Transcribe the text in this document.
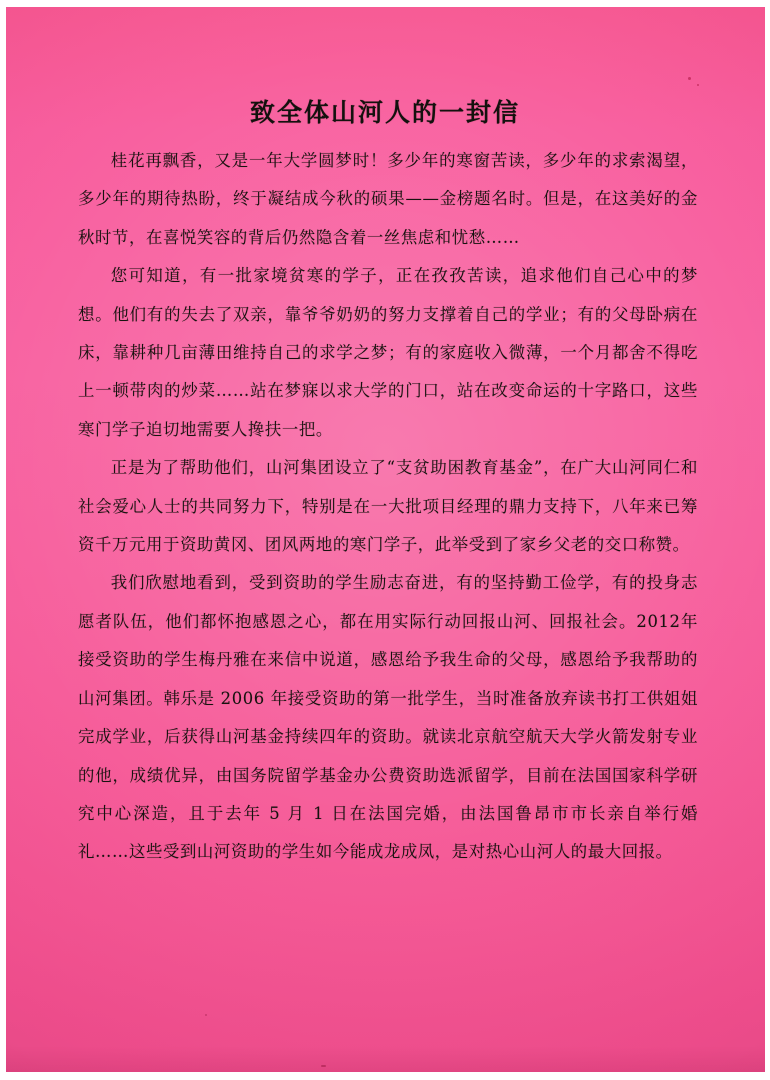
致全体山河人的一封信

桂花再飘香，又是一年大学圆梦时！多少年的寒窗苦读，多少年的求索渴望，多少年的期待热盼，终于凝结成今秋的硕果——金榜题名时。但是，在这美好的金秋时节，在喜悦笑容的背后仍然隐含着一丝焦虑和忧愁……

您可知道，有一批家境贫寒的学子，正在孜孜苦读，追求他们自己心中的梦想。他们有的失去了双亲，靠爷爷奶奶的努力支撑着自己的学业；有的父母卧病在床，靠耕种几亩薄田维持自己的求学之梦；有的家庭收入微薄，一个月都舍不得吃上一顿带肉的炒菜……站在梦寐以求大学的门口，站在改变命运的十字路口，这些寒门学子迫切地需要人搀扶一把。

正是为了帮助他们，山河集团设立了“支贫助困教育基金”，在广大山河同仁和社会爱心人士的共同努力下，特别是在一大批项目经理的鼎力支持下，八年来已筹资千万元用于资助黄冈、团风两地的寒门学子，此举受到了家乡父老的交口称赞。

我们欣慰地看到，受到资助的学生励志奋进，有的坚持勤工俭学，有的投身志愿者队伍，他们都怀抱感恩之心，都在用实际行动回报山河、回报社会。2012年接受资助的学生梅丹雅在来信中说道，感恩给予我生命的父母，感恩给予我帮助的山河集团。韩乐是 2006 年接受资助的第一批学生，当时准备放弃读书打工供姐姐完成学业，后获得山河基金持续四年的资助。就读北京航空航天大学火箭发射专业的他，成绩优异，由国务院留学基金办公费资助选派留学，目前在法国国家科学研究中心深造，且于去年 5 月 1 日在法国完婚，由法国鲁昂市市长亲自举行婚礼……这些受到山河资助的学生如今能成龙成凤，是对热心山河人的最大回报。
